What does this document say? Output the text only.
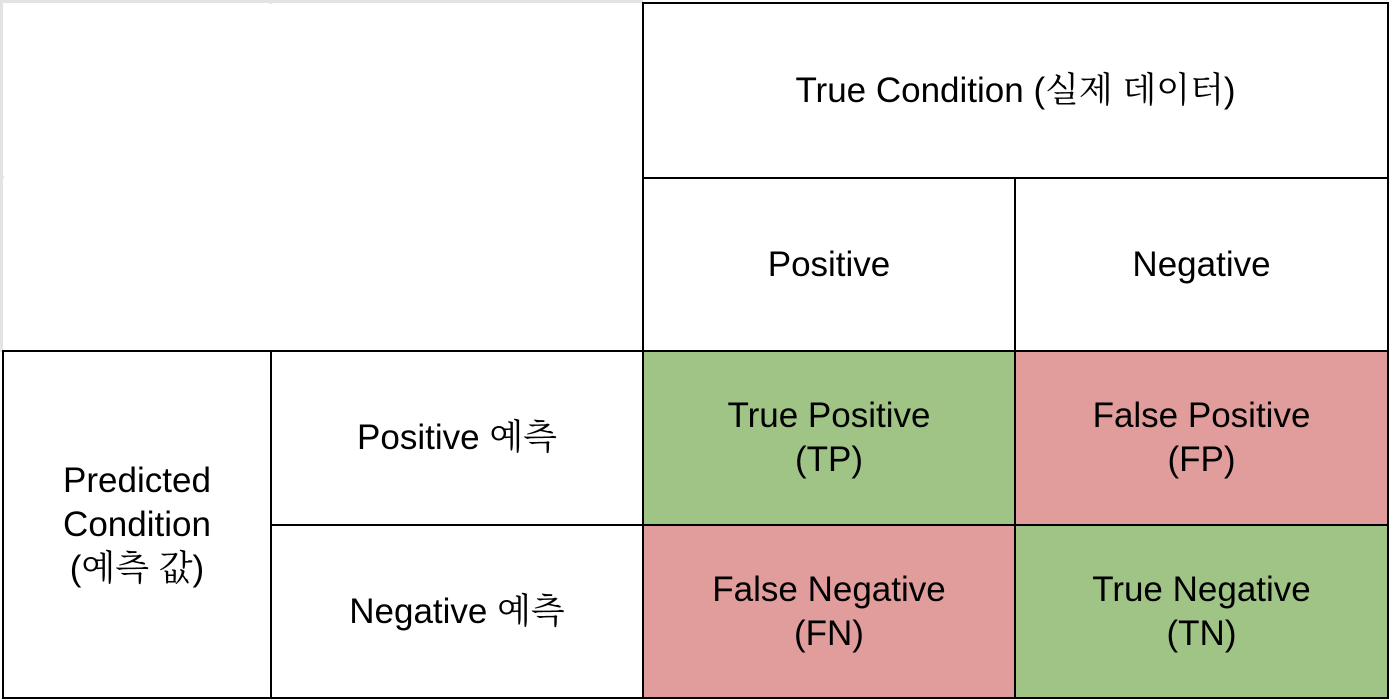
True Condition (실제 데이터)
Positive	Negative
Predicted
Condition
(예측 값)
Positive 예측
Negative 예측
True Positive
(TP)
False Positive
(FP)
False Negative
(FN)
True Negative
(TN)
